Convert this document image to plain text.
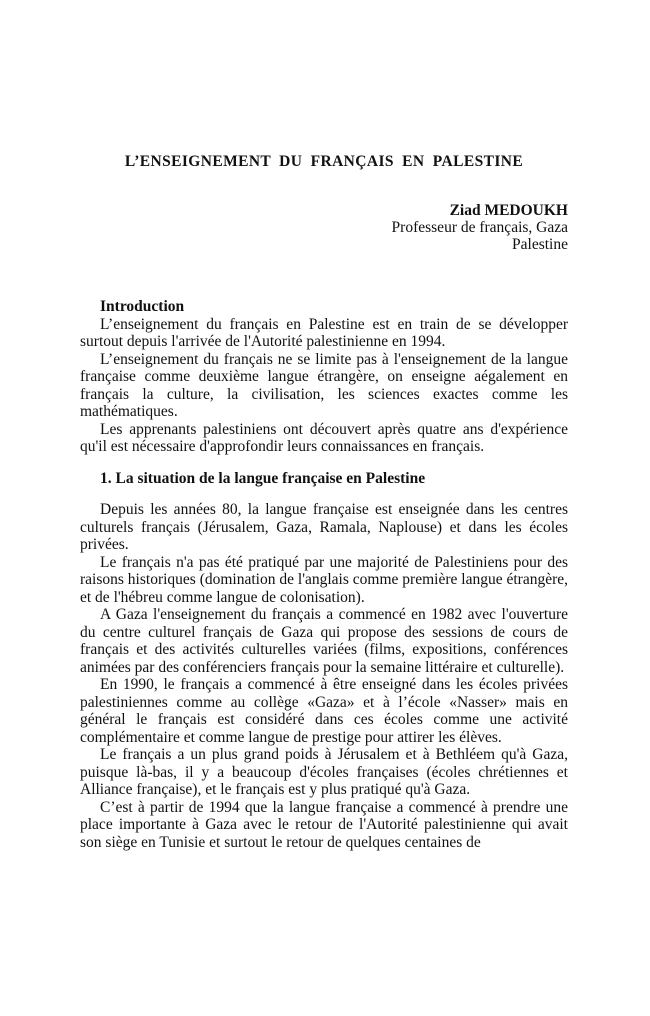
L’ENSEIGNEMENT DU FRANÇAIS EN PALESTINE
Ziad MEDOUKH
Professeur de français, Gaza
Palestine

Introduction

L’enseignement du français en Palestine est en train de se développer surtout depuis l'arrivée de l'Autorité palestinienne en 1994.

L’enseignement du français ne se limite pas à l'enseignement de la langue française comme deuxième langue étrangère, on enseigne aégalement en français la culture, la civilisation, les sciences exactes comme les mathématiques.

Les apprenants palestiniens ont découvert après quatre ans d'expérience qu'il est nécessaire d'approfondir leurs connaissances en français.

1. La situation de la langue française en Palestine

Depuis les années 80, la langue française est enseignée dans les centres culturels français (Jérusalem, Gaza, Ramala, Naplouse) et dans les écoles privées.

Le français n'a pas été pratiqué par une majorité de Palestiniens pour des raisons historiques (domination de l'anglais comme première langue étrangère, et de l'hébreu comme langue de colonisation).

A Gaza l'enseignement du français a commencé en 1982 avec l'ouverture du centre culturel français de Gaza qui propose des sessions de cours de français et des activités culturelles variées (films, expositions, conférences animées par des conférenciers français pour la semaine littéraire et culturelle).

En 1990, le français a commencé à être enseigné dans les écoles privées palestiniennes comme au collège «Gaza» et à l’école «Nasser» mais en général le français est considéré dans ces écoles comme une activité complémentaire et comme langue de prestige pour attirer les élèves.

Le français a un plus grand poids à Jérusalem et à Bethléem qu'à Gaza, puisque là-bas, il y a beaucoup d'écoles françaises (écoles chrétiennes et Alliance française), et le français est y plus pratiqué qu'à Gaza.

C’est à partir de 1994 que la langue française a commencé à prendre une place importante à Gaza avec le retour de l'Autorité palestinienne qui avait son siège en Tunisie et surtout le retour de quelques centaines de
